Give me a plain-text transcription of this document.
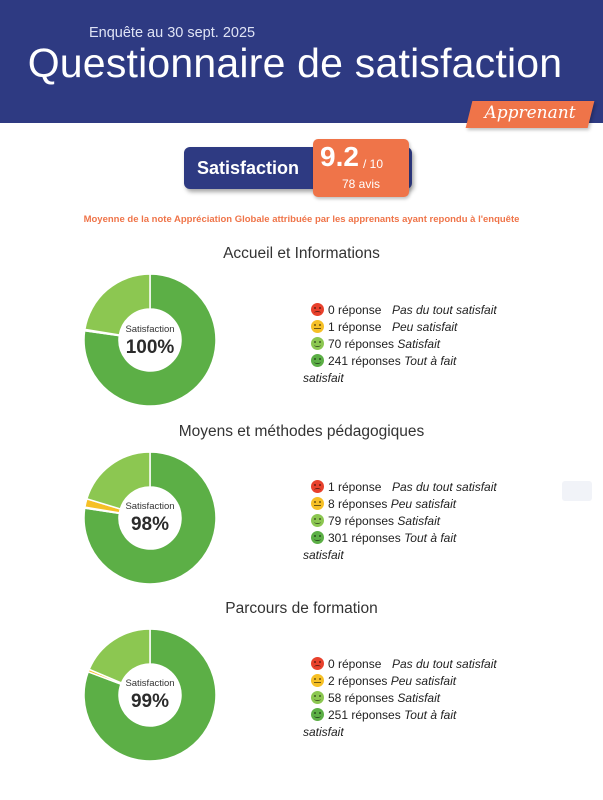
Enquête au 30 sept. 2025
Questionnaire de satisfaction
Apprenant
Satisfaction 9.2 / 10
78 avis
Moyenne de la note Appréciation Globale attribuée par les apprenants ayant repondu à l'enquête
Accueil et Informations
Satisfaction
100%
0 réponse Pas du tout satisfait
1 réponse Peu satisfait
70 réponses Satisfait
241 réponses Tout à fait
satisfait
Moyens et méthodes pédagogiques
Satisfaction
98%
1 réponse Pas du tout satisfait
8 réponses Peu satisfait
79 réponses Satisfait
301 réponses Tout à fait
satisfait
Parcours de formation
Satisfaction
99%
0 réponse Pas du tout satisfait
2 réponses Peu satisfait
58 réponses Satisfait
251 réponses Tout à fait
satisfait
